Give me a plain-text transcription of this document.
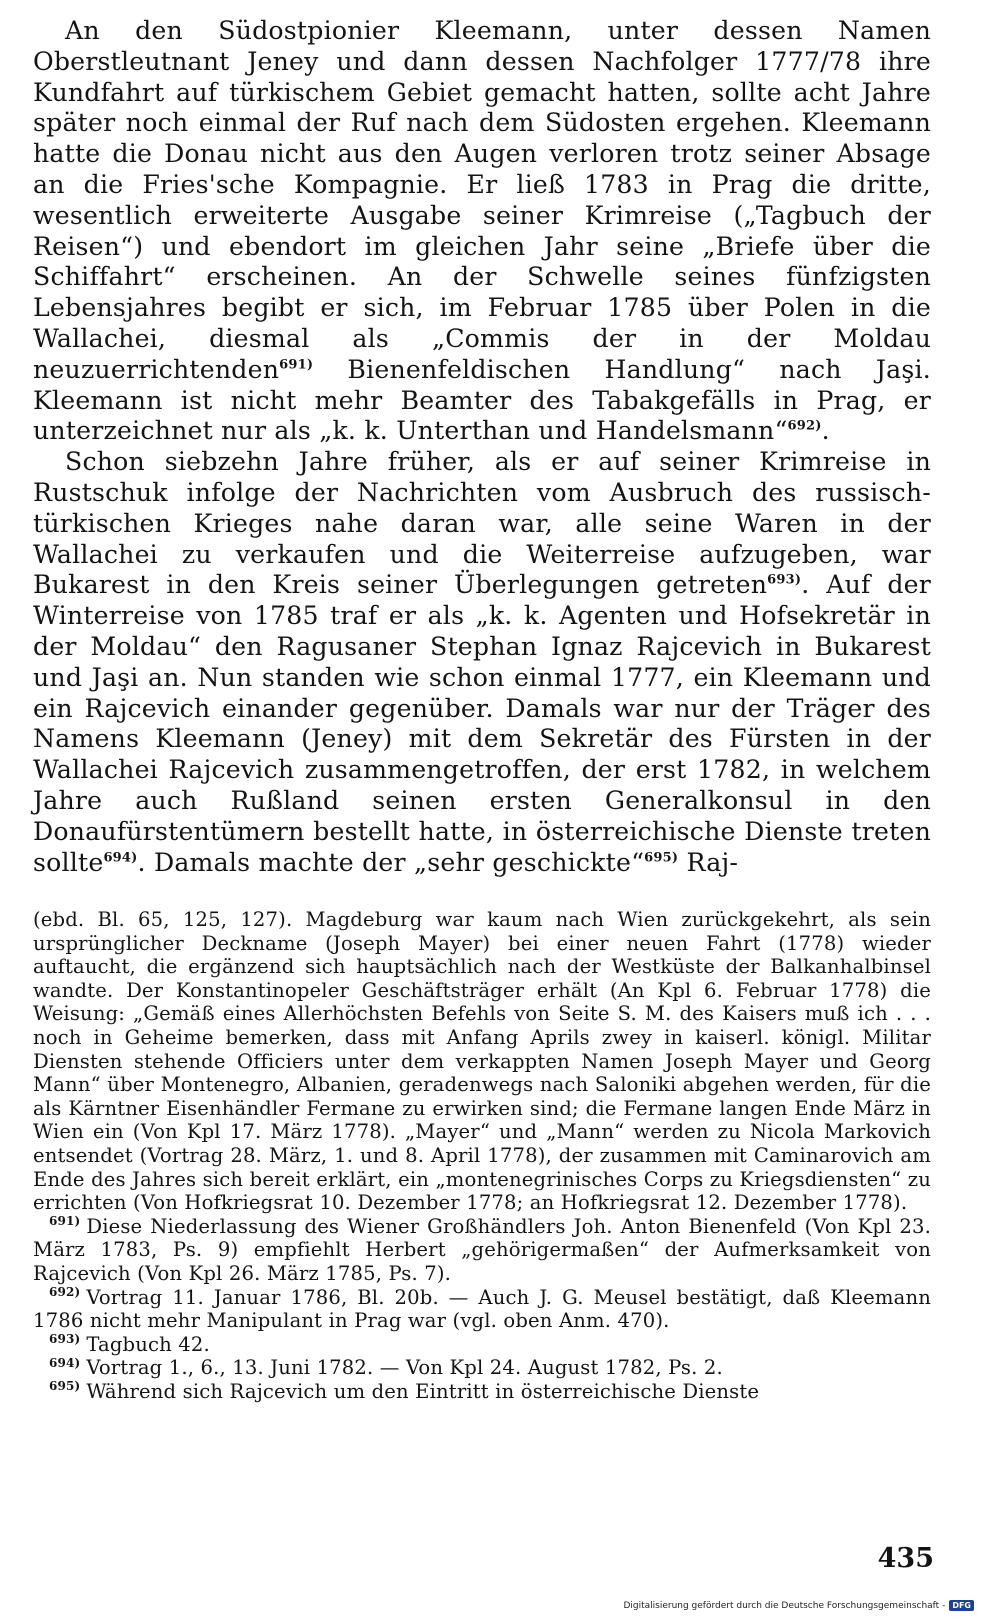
An den Südostpionier Kleemann, unter dessen Namen Oberstleutnant Jeney und dann dessen Nachfolger 1777/78 ihre Kundfahrt auf türkischem Gebiet gemacht hatten, sollte acht Jahre später noch einmal der Ruf nach dem Südosten ergehen. Kleemann hatte die Donau nicht aus den Augen verloren trotz seiner Absage an die Fries'sche Kompagnie. Er ließ 1783 in Prag die dritte, wesentlich erweiterte Ausgabe seiner Krimreise („Tagbuch der Reisen“) und ebendort im gleichen Jahr seine „Briefe über die Schiffahrt“ erscheinen. An der Schwelle seines fünfzigsten Lebensjahres begibt er sich, im Februar 1785 über Polen in die Wallachei, diesmal als „Commis der in der Moldau neuzuerrichtenden$^{691)}$ Bienenfeldischen Handlung“ nach Jaşi. Kleemann ist nicht mehr Beamter des Tabakgefälls in Prag, er unterzeichnet nur als „k. k. Unterthan und Handelsmann“$^{692)}$.

Schon siebzehn Jahre früher, als er auf seiner Krimreise in Rustschuk infolge der Nachrichten vom Ausbruch des russisch-türkischen Krieges nahe daran war, alle seine Waren in der Wallachei zu verkaufen und die Weiterreise aufzugeben, war Bukarest in den Kreis seiner Überlegungen getreten$^{693)}$. Auf der Winterreise von 1785 traf er als „k. k. Agenten und Hofsekretär in der Moldau“ den Ragusaner Stephan Ignaz Rajcevich in Bukarest und Jaşi an. Nun standen wie schon einmal 1777, ein Kleemann und ein Rajcevich einander gegenüber. Damals war nur der Träger des Namens Kleemann (Jeney) mit dem Sekretär des Fürsten in der Wallachei Rajcevich zusammengetroffen, der erst 1782, in welchem Jahre auch Rußland seinen ersten Generalkonsul in den Donaufürstentümern bestellt hatte, in österreichische Dienste treten sollte$^{694)}$. Damals machte der „sehr geschickte“$^{695)}$ Raj-

(ebd. Bl. 65, 125, 127). Magdeburg war kaum nach Wien zurückgekehrt, als sein ursprünglicher Deckname (Joseph Mayer) bei einer neuen Fahrt (1778) wieder auftaucht, die ergänzend sich hauptsächlich nach der Westküste der Balkanhalbinsel wandte. Der Konstantinopeler Geschäftsträger erhält (An Kpl 6. Februar 1778) die Weisung: „Gemäß eines Allerhöchsten Befehls von Seite S. M. des Kaisers muß ich . . . noch in Geheime bemerken, dass mit Anfang Aprils zwey in kaiserl. königl. Militar Diensten stehende Officiers unter dem verkappten Namen Joseph Mayer und Georg Mann“ über Montenegro, Albanien, geradenwegs nach Saloniki abgehen werden, für die als Kärntner Eisenhändler Fermane zu erwirken sind; die Fermane langen Ende März in Wien ein (Von Kpl 17. März 1778). „Mayer“ und „Mann“ werden zu Nicola Markovich entsendet (Vortrag 28. März, 1. und 8. April 1778), der zusammen mit Caminarovich am Ende des Jahres sich bereit erklärt, ein „montenegrinisches Corps zu Kriegsdiensten“ zu errichten (Von Hofkriegsrat 10. Dezember 1778; an Hofkriegsrat 12. Dezember 1778).

$^{691)}$ Diese Niederlassung des Wiener Großhändlers Joh. Anton Bienenfeld (Von Kpl 23. März 1783, Ps. 9) empfiehlt Herbert „gehörigermaßen“ der Aufmerksamkeit von Rajcevich (Von Kpl 26. März 1785, Ps. 7).

$^{692)}$ Vortrag 11. Januar 1786, Bl. 20b. — Auch J. G. Meusel bestätigt, daß Kleemann 1786 nicht mehr Manipulant in Prag war (vgl. oben Anm. 470).

$^{693)}$ Tagbuch 42.

$^{694)}$ Vortrag 1., 6., 13. Juni 1782. — Von Kpl 24. August 1782, Ps. 2.

$^{695)}$ Während sich Rajcevich um den Eintritt in österreichische Dienste

435
Digitalisierung gefördert durch die Deutsche Forschungsgemeinschaft - DFG
